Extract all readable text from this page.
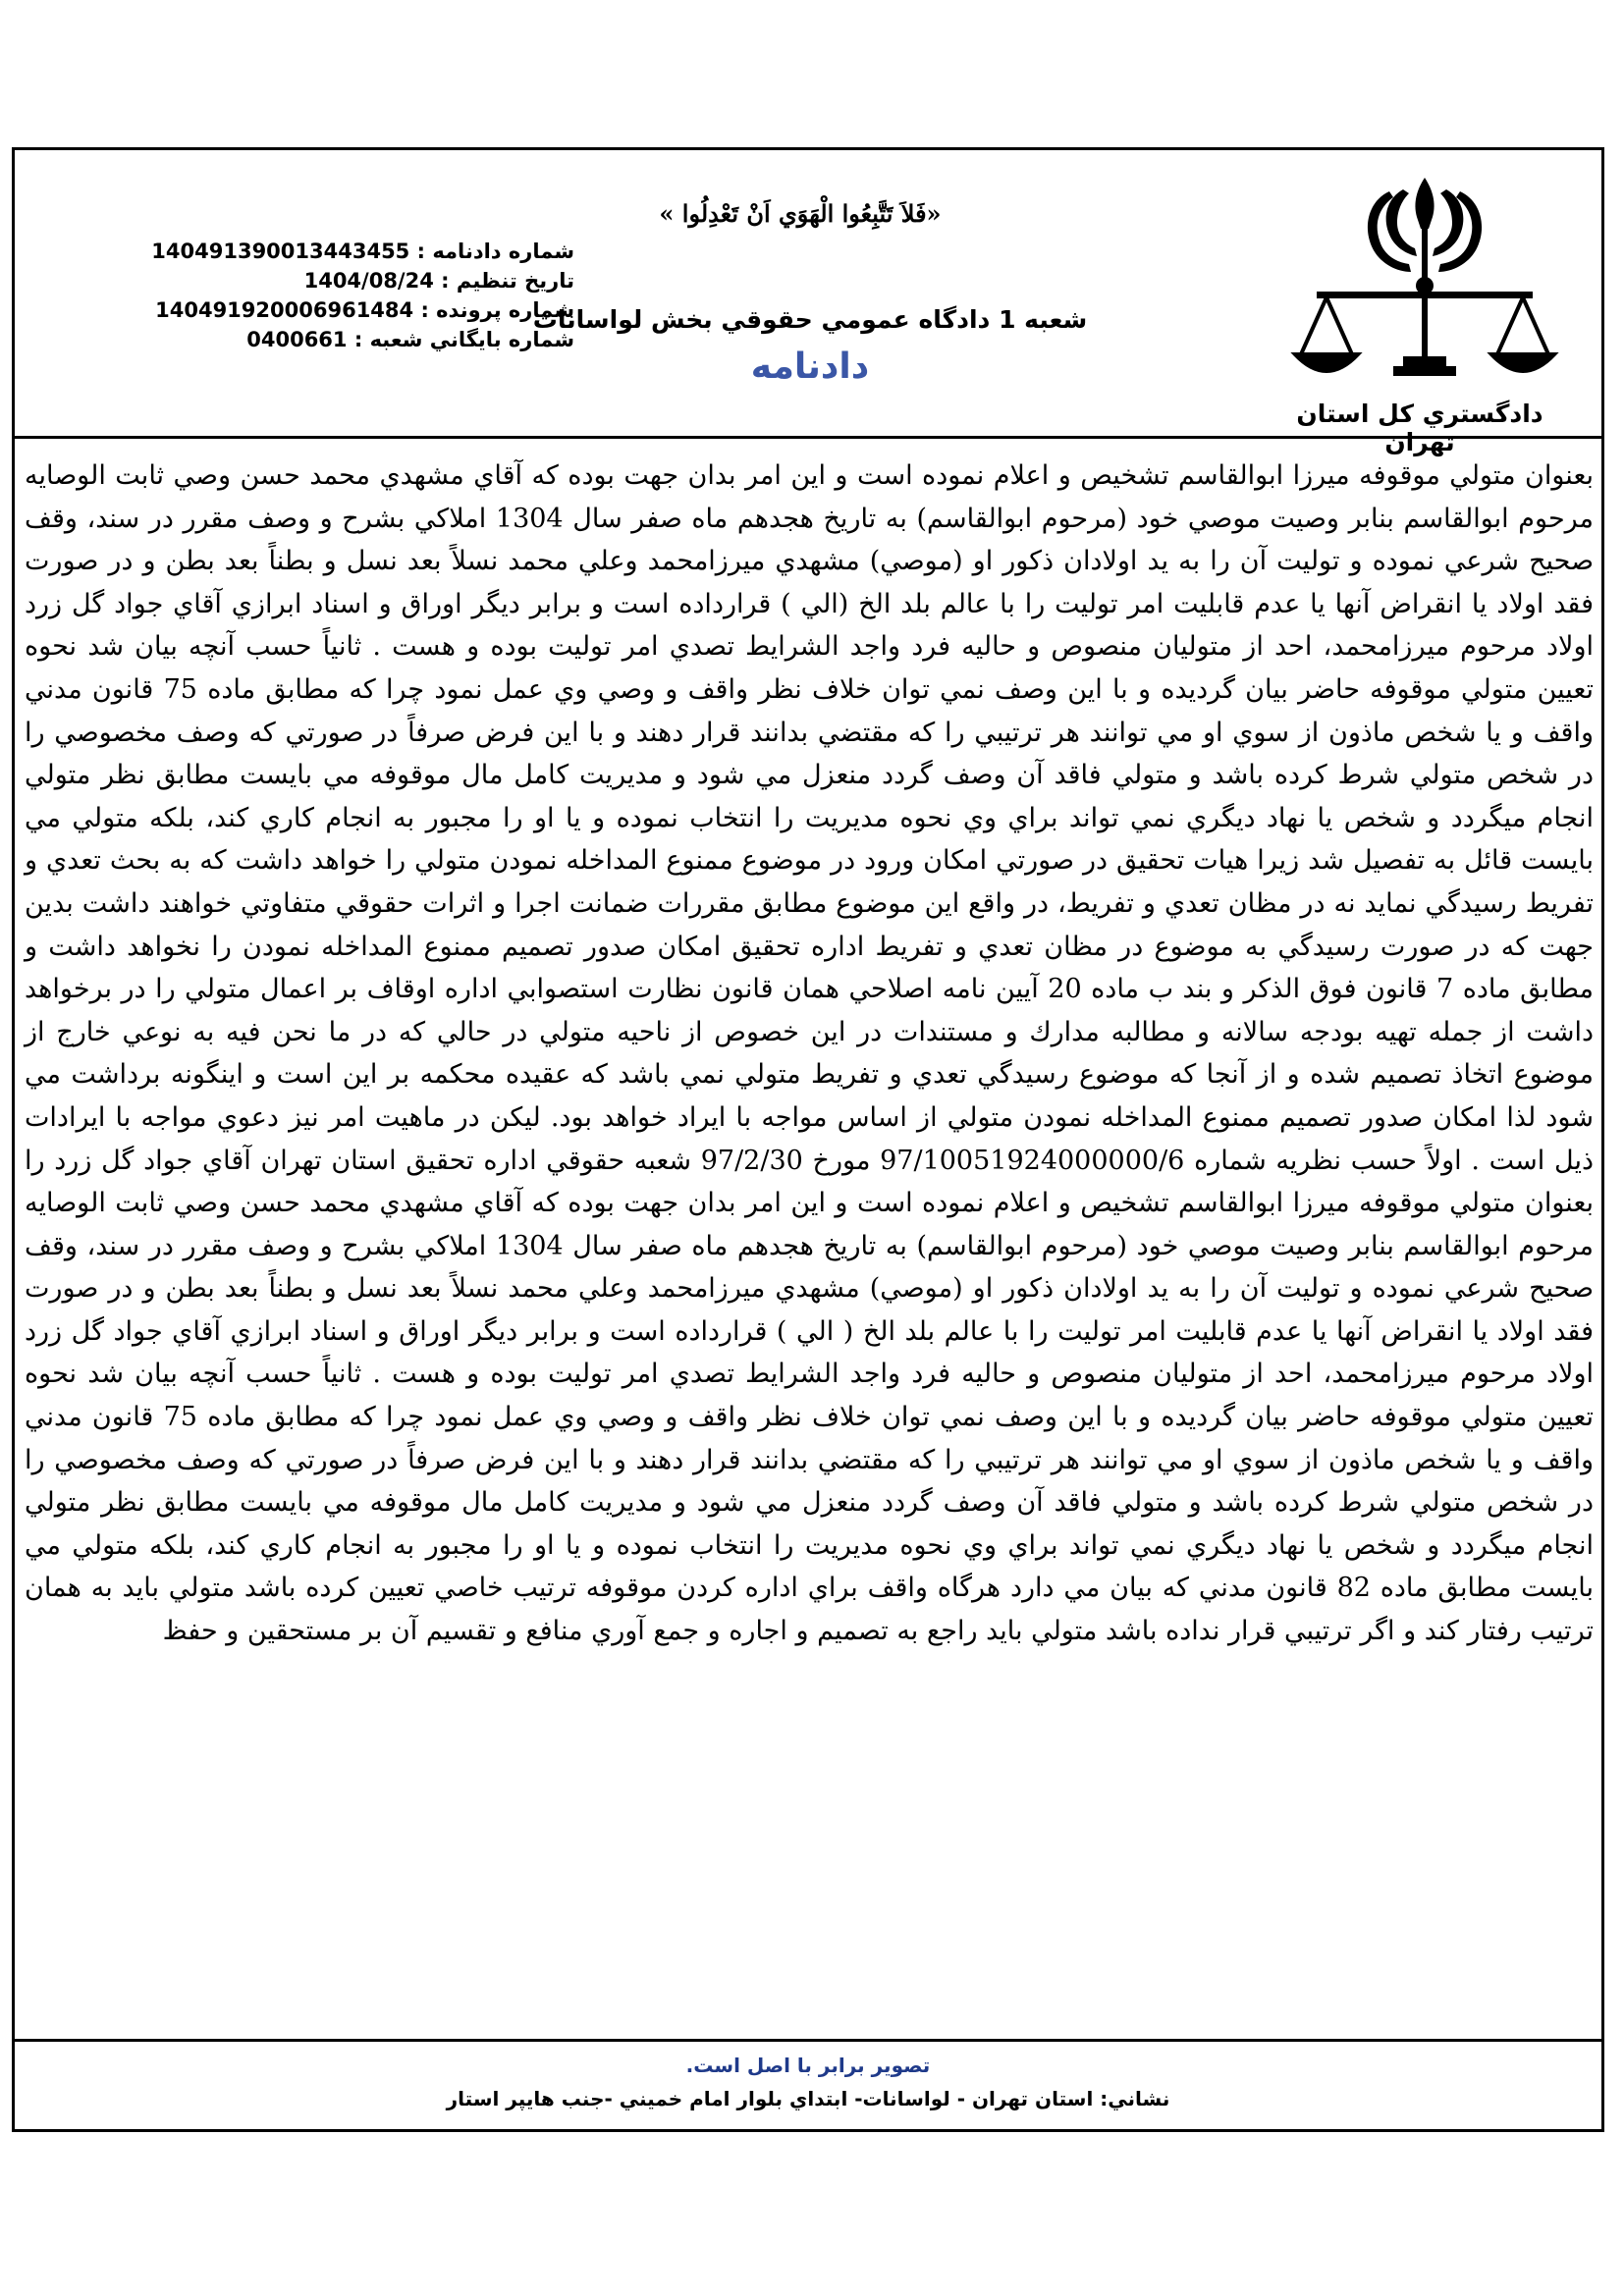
دادگستري كل استان تهران
«فَلاَ تَتَّبِعُوا الْهَوَي اَنْ تَعْدِلُوا »
شعبه 1 دادگاه عمومي حقوقي بخش لواسانات
دادنامه
شماره دادنامه : 140491390013443455
تاريخ تنظيم : 1404/08/24
شماره پرونده : 140491920006961484
شماره بايگاني شعبه : 0400661
بعنوان متولي موقوفه ميرزا ابوالقاسم تشخيص و اعلام نموده است و اين امر بدان جهت بوده كه آقاي مشهدي محمد حسن وصي ثابت الوصايه مرحوم ابوالقاسم بنابر وصيت موصي خود (مرحوم ابوالقاسم) به تاريخ هجدهم ماه صفر سال 1304 املاكي بشرح و وصف مقرر در سند، وقف صحيح شرعي نموده و توليت آن را به يد اولادان ذكور او (موصي) مشهدي ميرزامحمد وعلي محمد نسلاً بعد نسل و بطناً بعد بطن و در صورت فقد اولاد يا انقراض آنها يا عدم قابليت امر توليت را با عالم بلد الخ (الي ) قرارداده است و برابر ديگر اوراق و اسناد ابرازي آقاي جواد گل زرد اولاد مرحوم ميرزامحمد، احد از متوليان منصوص و حاليه فرد واجد الشرايط تصدي امر توليت بوده و هست . ثانياً حسب آنچه بيان شد نحوه تعيين متولي موقوفه حاضر بيان گرديده و با اين وصف نمي توان خلاف نظر واقف و وصي وي عمل نمود چرا كه مطابق ماده 75 قانون مدني واقف و يا شخص ماذون از سوي او مي توانند هر ترتيبي را كه مقتضي بدانند قرار دهند و با اين فرض صرفاً در صورتي كه وصف مخصوصي را در شخص متولي شرط كرده باشد و متولي فاقد آن وصف گردد منعزل مي شود و مديريت كامل مال موقوفه مي بايست مطابق نظر متولي انجام ميگردد و شخص يا نهاد ديگري نمي تواند براي وي نحوه مديريت را انتخاب نموده و يا او را مجبور به انجام كاري كند، بلكه متولي مي بايست قائل به تفصيل شد زيرا هيات تحقيق در صورتي امكان ورود در موضوع ممنوع المداخله نمودن متولي را خواهد داشت كه به بحث تعدي و تفريط رسيدگي نمايد نه در مظان تعدي و تفريط، در واقع اين موضوع مطابق مقررات ضمانت اجرا و اثرات حقوقي متفاوتي خواهند داشت بدين جهت كه در صورت رسيدگي به موضوع در مظان تعدي و تفريط اداره تحقيق امكان صدور تصميم ممنوع المداخله نمودن را نخواهد داشت و مطابق ماده 7 قانون فوق الذكر و بند ب ماده 20 آيين نامه اصلاحي همان قانون نظارت استصوابي اداره اوقاف بر اعمال متولي را در برخواهد داشت از جمله تهيه بودجه سالانه و مطالبه مدارك و مستندات در اين خصوص از ناحيه متولي در حالي كه در ما نحن فيه به نوعي خارج از موضوع اتخاذ تصميم شده و از آنجا كه موضوع رسيدگي تعدي و تفريط متولي نمي باشد كه عقيده محكمه بر اين است و اينگونه برداشت مي شود لذا امكان صدور تصميم ممنوع المداخله نمودن متولي از اساس مواجه با ايراد خواهد بود. ليكن در ماهيت امر نيز دعوي مواجه با ايرادات ذيل است . اولاً حسب نظريه شماره 97/10051924000000/6 مورخ 97/2/30 شعبه حقوقي اداره تحقيق استان تهران آقاي جواد گل زرد را بعنوان متولي موقوفه ميرزا ابوالقاسم تشخيص و اعلام نموده است و اين امر بدان جهت بوده كه آقاي مشهدي محمد حسن وصي ثابت الوصايه مرحوم ابوالقاسم بنابر وصيت موصي خود (مرحوم ابوالقاسم) به تاريخ هجدهم ماه صفر سال 1304 املاكي بشرح و وصف مقرر در سند، وقف صحيح شرعي نموده و توليت آن را به يد اولادان ذكور او (موصي) مشهدي ميرزامحمد وعلي محمد نسلاً بعد نسل و بطناً بعد بطن و در صورت فقد اولاد يا انقراض آنها يا عدم قابليت امر توليت را با عالم بلد الخ ( الي ) قرارداده است و برابر ديگر اوراق و اسناد ابرازي آقاي جواد گل زرد اولاد مرحوم ميرزامحمد، احد از متوليان منصوص و حاليه فرد واجد الشرايط تصدي امر توليت بوده و هست . ثانياً حسب آنچه بيان شد نحوه تعيين متولي موقوفه حاضر بيان گرديده و با اين وصف نمي توان خلاف نظر واقف و وصي وي عمل نمود چرا كه مطابق ماده 75 قانون مدني واقف و يا شخص ماذون از سوي او مي توانند هر ترتيبي را كه مقتضي بدانند قرار دهند و با اين فرض صرفاً در صورتي كه وصف مخصوصي را در شخص متولي شرط كرده باشد و متولي فاقد آن وصف گردد منعزل مي شود و مديريت كامل مال موقوفه مي بايست مطابق نظر متولي انجام ميگردد و شخص يا نهاد ديگري نمي تواند براي وي نحوه مديريت را انتخاب نموده و يا او را مجبور به انجام كاري كند، بلكه متولي مي بايست مطابق ماده 82 قانون مدني كه بيان مي دارد هرگاه واقف براي اداره كردن موقوفه ترتيب خاصي تعيين كرده باشد متولي بايد به همان ترتيب رفتار كند و اگر ترتيبي قرار نداده باشد متولي بايد راجع به تصميم و اجاره و جمع آوري منافع و تقسيم آن بر مستحقين و حفظ
تصوير برابر با اصل است.
نشاني: استان تهران - لواسانات- ابتداي بلوار امام خميني -جنب هايپر استار
